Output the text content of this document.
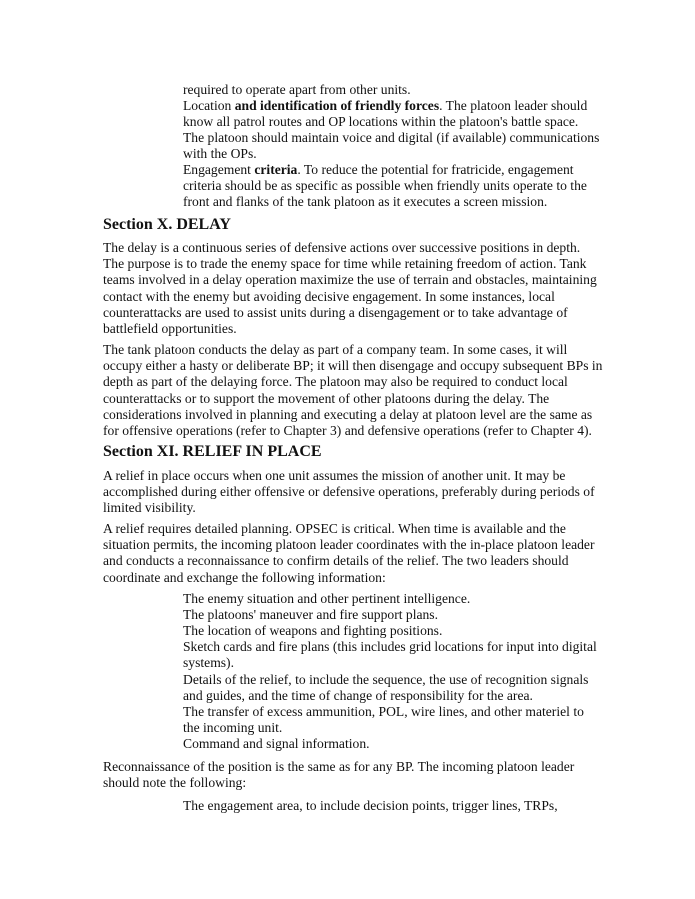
required to operate apart from other units.

Location and identification of friendly forces. The platoon leader should know all patrol routes and OP locations within the platoon's battle space.

The platoon should maintain voice and digital (if available) communications with the OPs.

Engagement criteria. To reduce the potential for fratricide, engagement criteria should be as specific as possible when friendly units operate to the front and flanks of the tank platoon as it executes a screen mission.

Section X. DELAY

The delay is a continuous series of defensive actions over successive positions in depth. The purpose is to trade the enemy space for time while retaining freedom of action. Tank teams involved in a delay operation maximize the use of terrain and obstacles, maintaining contact with the enemy but avoiding decisive engagement. In some instances, local counterattacks are used to assist units during a disengagement or to take advantage of battlefield opportunities.

The tank platoon conducts the delay as part of a company team. In some cases, it will occupy either a hasty or deliberate BP; it will then disengage and occupy subsequent BPs in depth as part of the delaying force. The platoon may also be required to conduct local counterattacks or to support the movement of other platoons during the delay. The considerations involved in planning and executing a delay at platoon level are the same as for offensive operations (refer to Chapter 3) and defensive operations (refer to Chapter 4).

Section XI. RELIEF IN PLACE

A relief in place occurs when one unit assumes the mission of another unit. It may be accomplished during either offensive or defensive operations, preferably during periods of limited visibility.

A relief requires detailed planning. OPSEC is critical. When time is available and the situation permits, the incoming platoon leader coordinates with the in-place platoon leader and conducts a reconnaissance to confirm details of the relief. The two leaders should coordinate and exchange the following information:

The enemy situation and other pertinent intelligence.

The platoons' maneuver and fire support plans.

The location of weapons and fighting positions.

Sketch cards and fire plans (this includes grid locations for input into digital systems).

Details of the relief, to include the sequence, the use of recognition signals and guides, and the time of change of responsibility for the area.

The transfer of excess ammunition, POL, wire lines, and other materiel to the incoming unit.

Command and signal information.

Reconnaissance of the position is the same as for any BP. The incoming platoon leader should note the following:

The engagement area, to include decision points, trigger lines, TRPs,
